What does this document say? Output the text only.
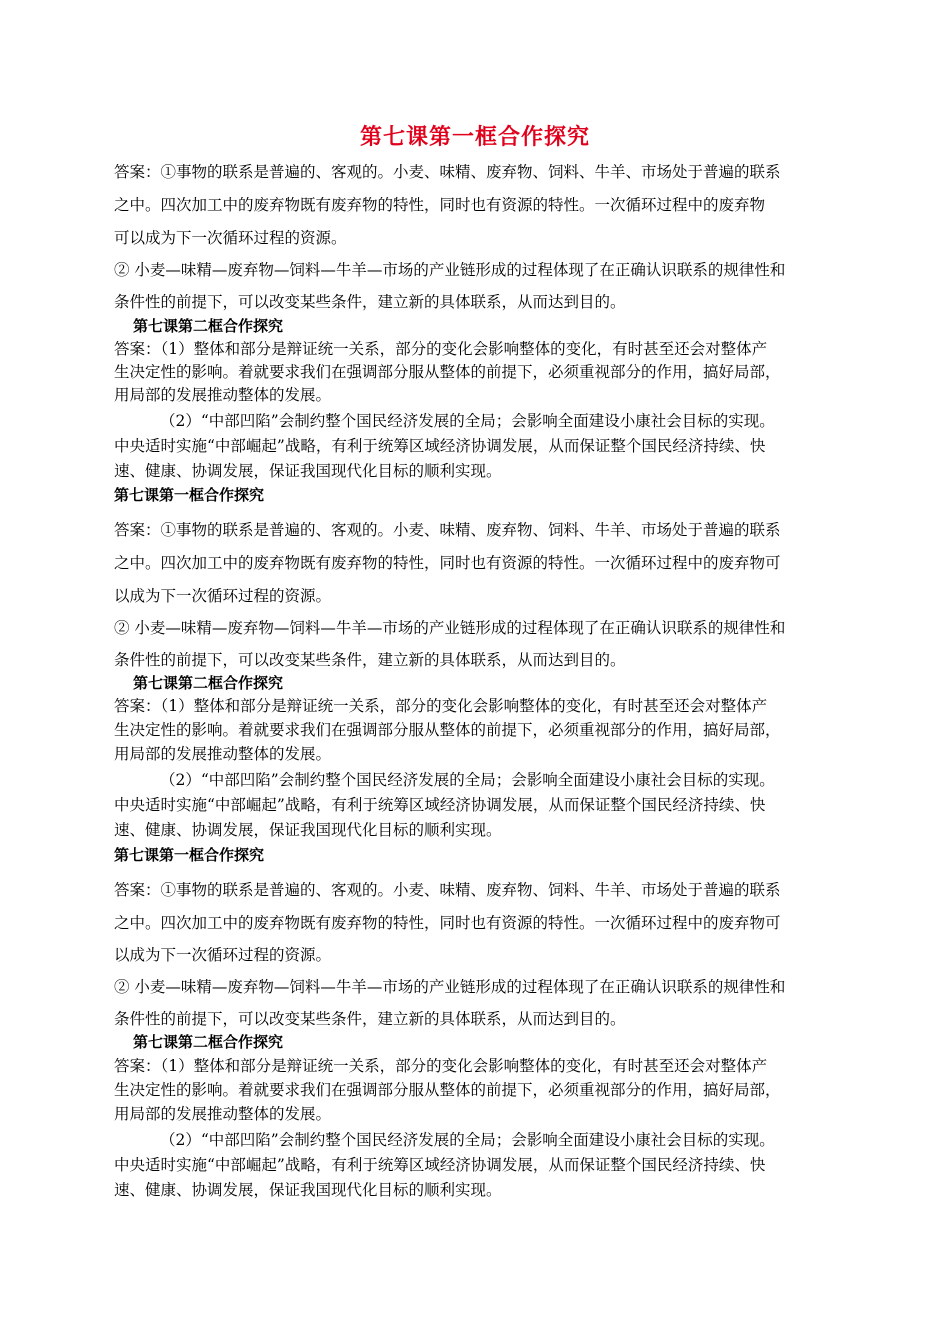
第七课第一框合作探究
答案：①事物的联系是普遍的、客观的。小麦、味精、废弃物、饲料、牛羊、市场处于普遍的联系
之中。四次加工中的废弃物既有废弃物的特性，同时也有资源的特性。一次循环过程中的废弃物
可以成为下一次循环过程的资源。
② 小麦—味精—废弃物—饲料—牛羊—市场的产业链形成的过程体现了在正确认识联系的规律性和
条件性的前提下，可以改变某些条件，建立新的具体联系，从而达到目的。
第七课第二框合作探究
答案：（1）整体和部分是辩证统一关系，部分的变化会影响整体的变化，有时甚至还会对整体产
生决定性的影响。着就要求我们在强调部分服从整体的前提下，必须重视部分的作用，搞好局部，
用局部的发展推动整体的发展。
（2）“中部凹陷”会制约整个国民经济发展的全局；会影响全面建设小康社会目标的实现。
中央适时实施“中部崛起”战略，有利于统筹区域经济协调发展，从而保证整个国民经济持续、快
速、健康、协调发展，保证我国现代化目标的顺利实现。
第七课第一框合作探究
答案：①事物的联系是普遍的、客观的。小麦、味精、废弃物、饲料、牛羊、市场处于普遍的联系
之中。四次加工中的废弃物既有废弃物的特性，同时也有资源的特性。一次循环过程中的废弃物可
以成为下一次循环过程的资源。
② 小麦—味精—废弃物—饲料—牛羊—市场的产业链形成的过程体现了在正确认识联系的规律性和
条件性的前提下，可以改变某些条件，建立新的具体联系，从而达到目的。
第七课第二框合作探究
答案：（1）整体和部分是辩证统一关系，部分的变化会影响整体的变化，有时甚至还会对整体产
生决定性的影响。着就要求我们在强调部分服从整体的前提下，必须重视部分的作用，搞好局部，
用局部的发展推动整体的发展。
（2）“中部凹陷”会制约整个国民经济发展的全局；会影响全面建设小康社会目标的实现。
中央适时实施“中部崛起”战略，有利于统筹区域经济协调发展，从而保证整个国民经济持续、快
速、健康、协调发展，保证我国现代化目标的顺利实现。
第七课第一框合作探究
答案：①事物的联系是普遍的、客观的。小麦、味精、废弃物、饲料、牛羊、市场处于普遍的联系
之中。四次加工中的废弃物既有废弃物的特性，同时也有资源的特性。一次循环过程中的废弃物可
以成为下一次循环过程的资源。
② 小麦—味精—废弃物—饲料—牛羊—市场的产业链形成的过程体现了在正确认识联系的规律性和
条件性的前提下，可以改变某些条件，建立新的具体联系，从而达到目的。
第七课第二框合作探究
答案：（1）整体和部分是辩证统一关系，部分的变化会影响整体的变化，有时甚至还会对整体产
生决定性的影响。着就要求我们在强调部分服从整体的前提下，必须重视部分的作用，搞好局部，
用局部的发展推动整体的发展。
（2）“中部凹陷”会制约整个国民经济发展的全局；会影响全面建设小康社会目标的实现。
中央适时实施“中部崛起”战略，有利于统筹区域经济协调发展，从而保证整个国民经济持续、快
速、健康、协调发展，保证我国现代化目标的顺利实现。
